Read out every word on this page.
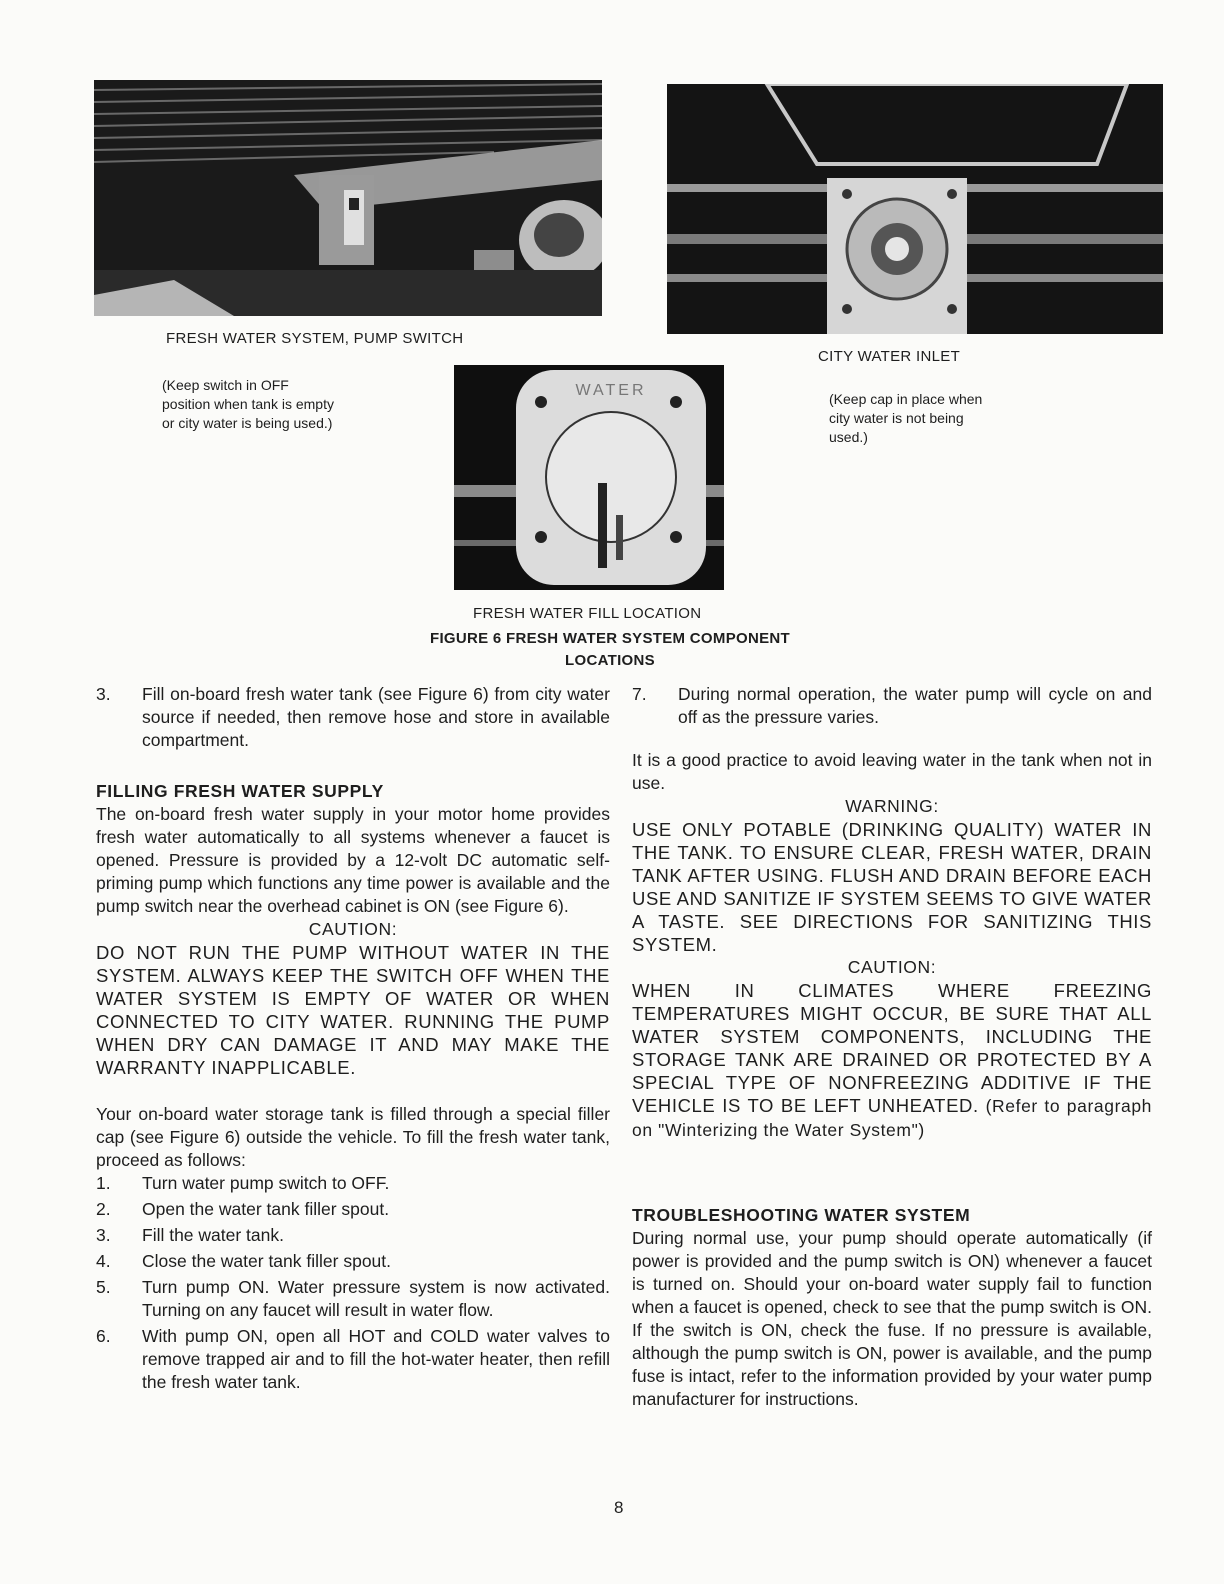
FRESH WATER SYSTEM, PUMP SWITCH
(Keep switch in OFF position when tank is empty or city water is being used.)
CITY WATER INLET
(Keep cap in place when city water is not being used.)
WATER
FRESH WATER FILL LOCATION
FIGURE 6 FRESH WATER SYSTEM COMPONENT
LOCATIONS
3.	Fill on-board fresh water tank (see Figure 6) from city water source if needed, then remove hose and store in available compartment.
FILLING FRESH WATER SUPPLY

The on-board fresh water supply in your motor home provides fresh water automatically to all systems whenever a faucet is opened. Pressure is provided by a 12-volt DC automatic self-priming pump which functions any time power is available and the pump switch near the overhead cabinet is ON (see Figure 6).

CAUTION:

DO NOT RUN THE PUMP WITHOUT WATER IN THE SYSTEM. ALWAYS KEEP THE SWITCH OFF WHEN THE WATER SYSTEM IS EMPTY OF WATER OR WHEN CONNECTED TO CITY WATER. RUNNING THE PUMP WHEN DRY CAN DAMAGE IT AND MAY MAKE THE WARRANTY INAPPLICABLE.

Your on-board water storage tank is filled through a special filler cap (see Figure 6) outside the vehicle. To fill the fresh water tank, proceed as follows:

1.	Turn water pump switch to OFF.
2.	Open the water tank filler spout.
3.	Fill the water tank.
4.	Close the water tank filler spout.
5.	Turn pump ON. Water pressure system is now activated. Turning on any faucet will result in water flow.
6.	With pump ON, open all HOT and COLD water valves to remove trapped air and to fill the hot-water heater, then refill the fresh water tank.
7.	During normal operation, the water pump will cycle on and off as the pressure varies.

It is a good practice to avoid leaving water in the tank when not in use.

WARNING:

USE ONLY POTABLE (DRINKING QUALITY) WATER IN THE TANK. TO ENSURE CLEAR, FRESH WATER, DRAIN TANK AFTER USING. FLUSH AND DRAIN BEFORE EACH USE AND SANITIZE IF SYSTEM SEEMS TO GIVE WATER A TASTE. SEE DIRECTIONS FOR SANITIZING THIS SYSTEM.

CAUTION:

WHEN IN CLIMATES WHERE FREEZING TEMPERATURES MIGHT OCCUR, BE SURE THAT ALL WATER SYSTEM COMPONENTS, INCLUDING THE STORAGE TANK ARE DRAINED OR PROTECTED BY A SPECIAL TYPE OF NONFREEZING ADDITIVE IF THE VEHICLE IS TO BE LEFT UNHEATED. (Refer to paragraph on "Winterizing the Water System")

TROUBLESHOOTING WATER SYSTEM

During normal use, your pump should operate automatically (if power is provided and the pump switch is ON) whenever a faucet is turned on. Should your on-board water supply fail to function when a faucet is opened, check to see that the pump switch is ON. If the switch is ON, check the fuse. If no pressure is available, although the pump switch is ON, power is available, and the pump fuse is intact, refer to the information provided by your water pump manufacturer for instructions.

8
